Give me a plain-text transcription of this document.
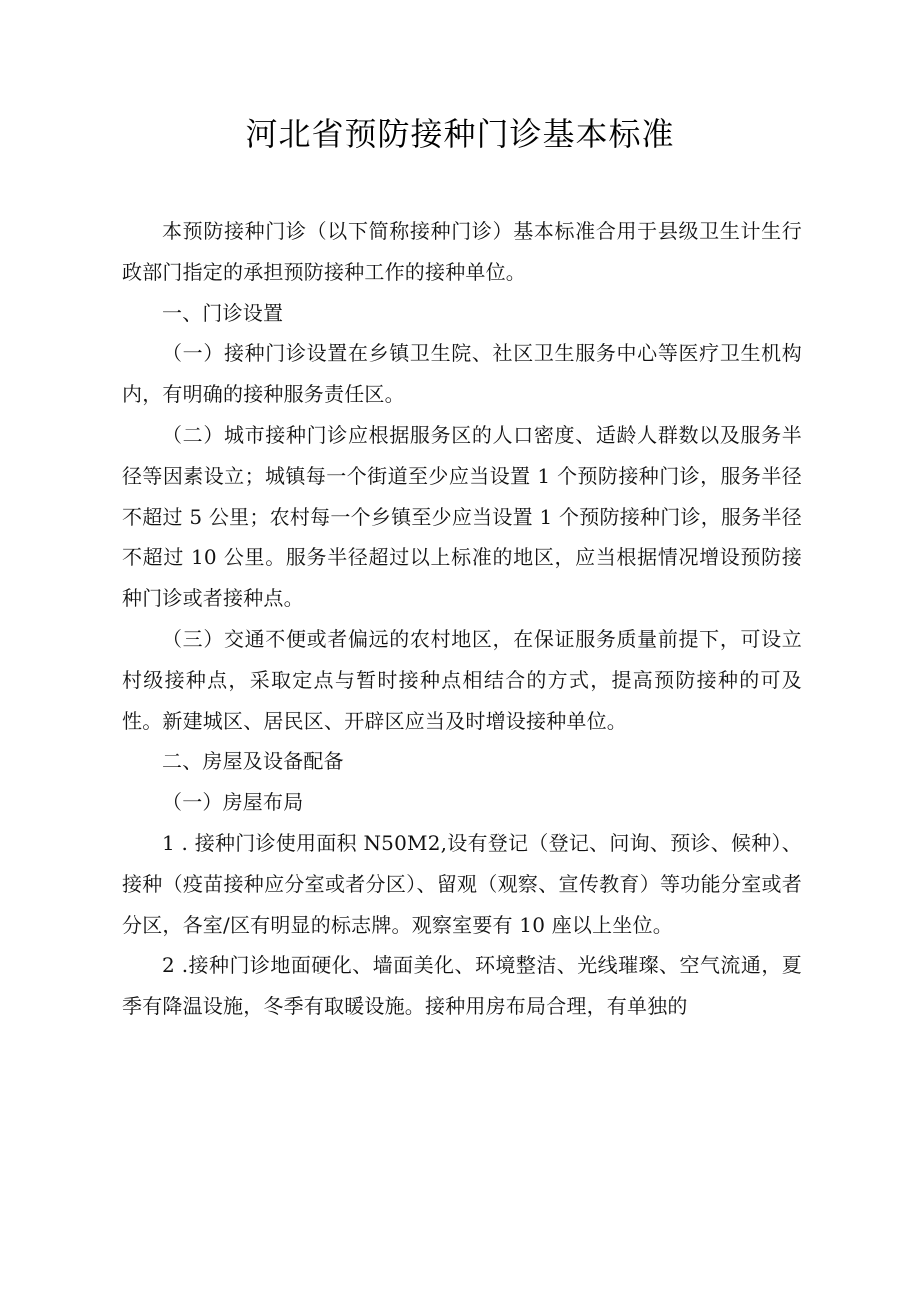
河北省预防接种门诊基本标准

本预防接种门诊（以下简称接种门诊）基本标准合用于县级卫生计生行政部门指定的承担预防接种工作的接种单位。

一、门诊设置

（一）接种门诊设置在乡镇卫生院、社区卫生服务中心等医疗卫生机构内，有明确的接种服务责任区。

（二）城市接种门诊应根据服务区的人口密度、适龄人群数以及服务半径等因素设立；城镇每一个街道至少应当设置 1 个预防接种门诊，服务半径不超过 5 公里；农村每一个乡镇至少应当设置 1 个预防接种门诊，服务半径不超过 10 公里。服务半径超过以上标准的地区，应当根据情况增设预防接种门诊或者接种点。

（三）交通不便或者偏远的农村地区，在保证服务质量前提下，可设立村级接种点，采取定点与暂时接种点相结合的方式，提高预防接种的可及性。新建城区、居民区、开辟区应当及时增设接种单位。

二、房屋及设备配备

（一）房屋布局

1 . 接种门诊使用面积 N50M2,设有登记（登记、问询、预诊、候种）、接种（疫苗接种应分室或者分区）、留观（观察、宣传教育）等功能分室或者分区，各室/区有明显的标志牌。观察室要有 10 座以上坐位。

2 .接种门诊地面硬化、墙面美化、环境整洁、光线璀璨、空气流通，夏季有降温设施，冬季有取暖设施。接种用房布局合理，有单独的
